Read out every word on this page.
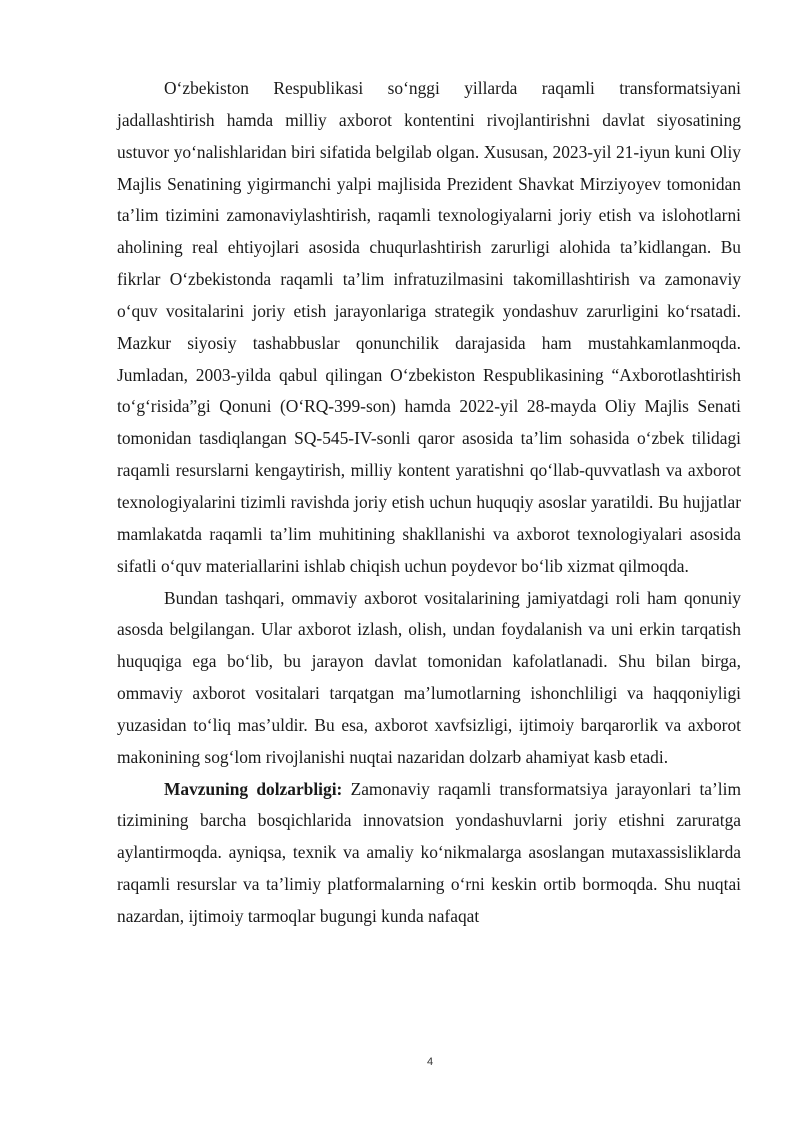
O‘zbekiston Respublikasi so‘nggi yillarda raqamli transformatsiyani jadallashtirish hamda milliy axborot kontentini rivojlantirishni davlat siyosatining ustuvor yo‘nalishlaridan biri sifatida belgilab olgan. Xususan, 2023-yil 21-iyun kuni Oliy Majlis Senatining yigirmanchi yalpi majlisida Prezident Shavkat Mirziyoyev tomonidan ta’lim tizimini zamonaviylashtirish, raqamli texnologiyalarni joriy etish va islohotlarni aholining real ehtiyojlari asosida chuqurlashtirish zarurligi alohida ta’kidlangan. Bu fikrlar O‘zbekistonda raqamli ta’lim infratuzilmasini takomillashtirish va zamonaviy o‘quv vositalarini joriy etish jarayonlariga strategik yondashuv zarurligini ko‘rsatadi. Mazkur siyosiy tashabbuslar qonunchilik darajasida ham mustahkamlanmoqda. Jumladan, 2003-yilda qabul qilingan O‘zbekiston Respublikasining “Axborotlashtirish to‘g‘risida”gi Qonuni (O‘RQ-399-son) hamda 2022-yil 28-mayda Oliy Majlis Senati tomonidan tasdiqlangan SQ-545-IV-sonli qaror asosida ta’lim sohasida o‘zbek tilidagi raqamli resurslarni kengaytirish, milliy kontent yaratishni qo‘llab-quvvatlash va axborot texnologiyalarini tizimli ravishda joriy etish uchun huquqiy asoslar yaratildi. Bu hujjatlar mamlakatda raqamli ta’lim muhitining shakllanishi va axborot texnologiyalari asosida sifatli o‘quv materiallarini ishlab chiqish uchun poydevor bo‘lib xizmat qilmoqda.

Bundan tashqari, ommaviy axborot vositalarining jamiyatdagi roli ham qonuniy asosda belgilangan. Ular axborot izlash, olish, undan foydalanish va uni erkin tarqatish huquqiga ega bo‘lib, bu jarayon davlat tomonidan kafolatlanadi. Shu bilan birga, ommaviy axborot vositalari tarqatgan ma’lumotlarning ishonchliligi va haqqoniyligi yuzasidan to‘liq mas’uldir. Bu esa, axborot xavfsizligi, ijtimoiy barqarorlik va axborot makonining sog‘lom rivojlanishi nuqtai nazaridan dolzarb ahamiyat kasb etadi.

Mavzuning dolzarbligi: Zamonaviy raqamli transformatsiya jarayonlari ta’lim tizimining barcha bosqichlarida innovatsion yondashuvlarni joriy etishni zaruratga aylantirmoqda. ayniqsa, texnik va amaliy ko‘nikmalarga asoslangan mutaxassisliklarda raqamli resurslar va ta’limiy platformalarning o‘rni keskin ortib bormoqda. Shu nuqtai nazardan, ijtimoiy tarmoqlar bugungi kunda nafaqat

4
